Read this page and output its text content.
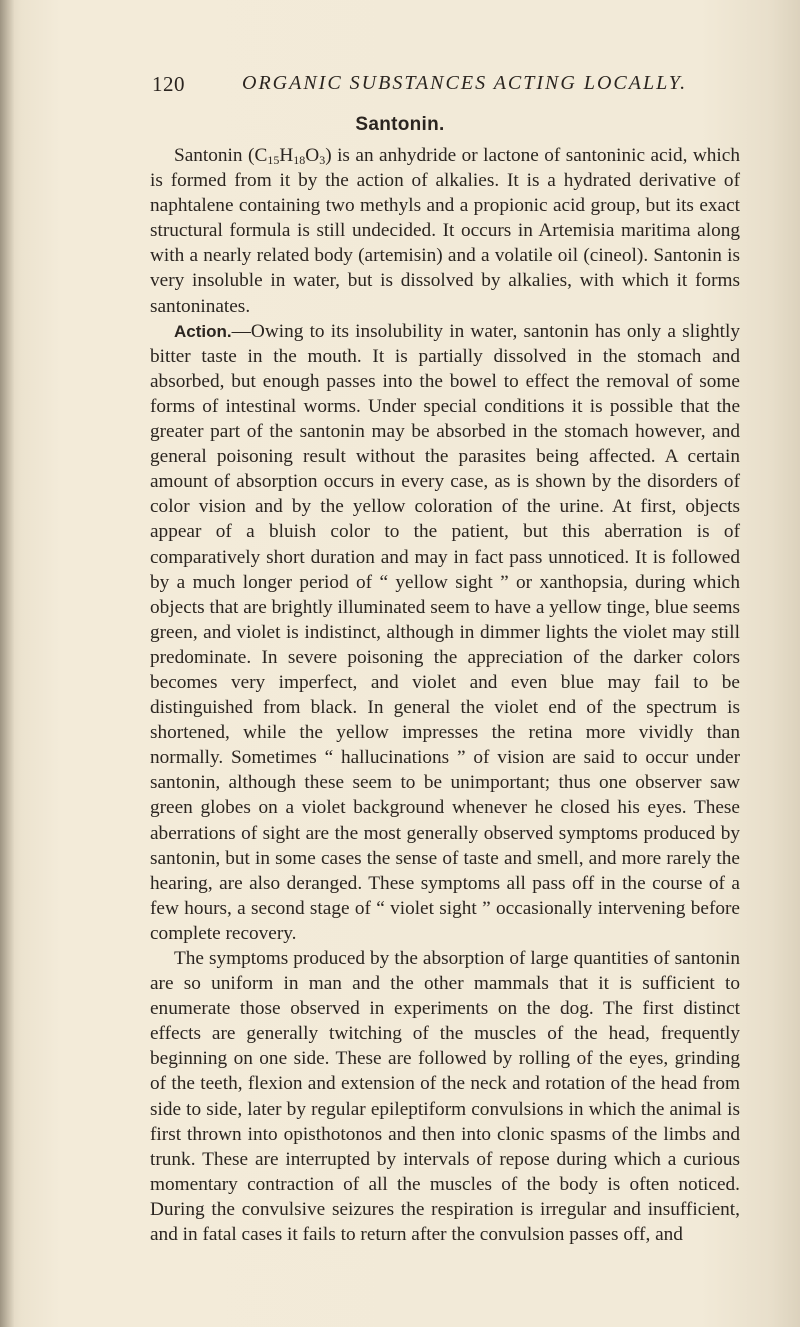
120	ORGANIC SUBSTANCES ACTING LOCALLY.
Santonin.

Santonin $(C_{15}H_{18}O_3)$ is an anhydride or lactone of santoninic acid, which is formed from it by the action of alkalies. It is a hydrated derivative of naphtalene containing two methyls and a propionic acid group, but its exact structural formula is still undecided. It occurs in Artemisia maritima along with a nearly related body (artemisin) and a volatile oil (cineol). Santonin is very insoluble in water, but is dissolved by alkalies, with which it forms santoninates.

Action.—Owing to its insolubility in water, santonin has only a slightly bitter taste in the mouth. It is partially dissolved in the stomach and absorbed, but enough passes into the bowel to effect the removal of some forms of intestinal worms. Under special conditions it is possible that the greater part of the santonin may be absorbed in the stomach however, and general poisoning result without the parasites being affected. A certain amount of absorption occurs in every case, as is shown by the disorders of color vision and by the yellow coloration of the urine. At first, objects appear of a bluish color to the patient, but this aberration is of comparatively short duration and may in fact pass unnoticed. It is followed by a much longer period of “ yellow sight ” or xanthopsia, during which objects that are brightly illuminated seem to have a yellow tinge, blue seems green, and violet is indistinct, although in dimmer lights the violet may still predominate. In severe poisoning the appreciation of the darker colors becomes very imperfect, and violet and even blue may fail to be distinguished from black. In general the violet end of the spectrum is shortened, while the yellow impresses the retina more vividly than normally. Sometimes “ hallucinations ” of vision are said to occur under santonin, although these seem to be unimportant; thus one observer saw green globes on a violet background whenever he closed his eyes. These aberrations of sight are the most generally observed symptoms produced by santonin, but in some cases the sense of taste and smell, and more rarely the hearing, are also deranged. These symptoms all pass off in the course of a few hours, a second stage of “ violet sight ” occasionally intervening before complete recovery.

The symptoms produced by the absorption of large quantities of santonin are so uniform in man and the other mammals that it is sufficient to enumerate those observed in experiments on the dog. The first distinct effects are generally twitching of the muscles of the head, frequently beginning on one side. These are followed by rolling of the eyes, grinding of the teeth, flexion and extension of the neck and rotation of the head from side to side, later by regular epileptiform convulsions in which the animal is first thrown into opisthotonos and then into clonic spasms of the limbs and trunk. These are interrupted by intervals of repose during which a curious momentary contraction of all the muscles of the body is often noticed. During the convulsive seizures the respiration is irregular and insufficient, and in fatal cases it fails to return after the convulsion passes off, and
